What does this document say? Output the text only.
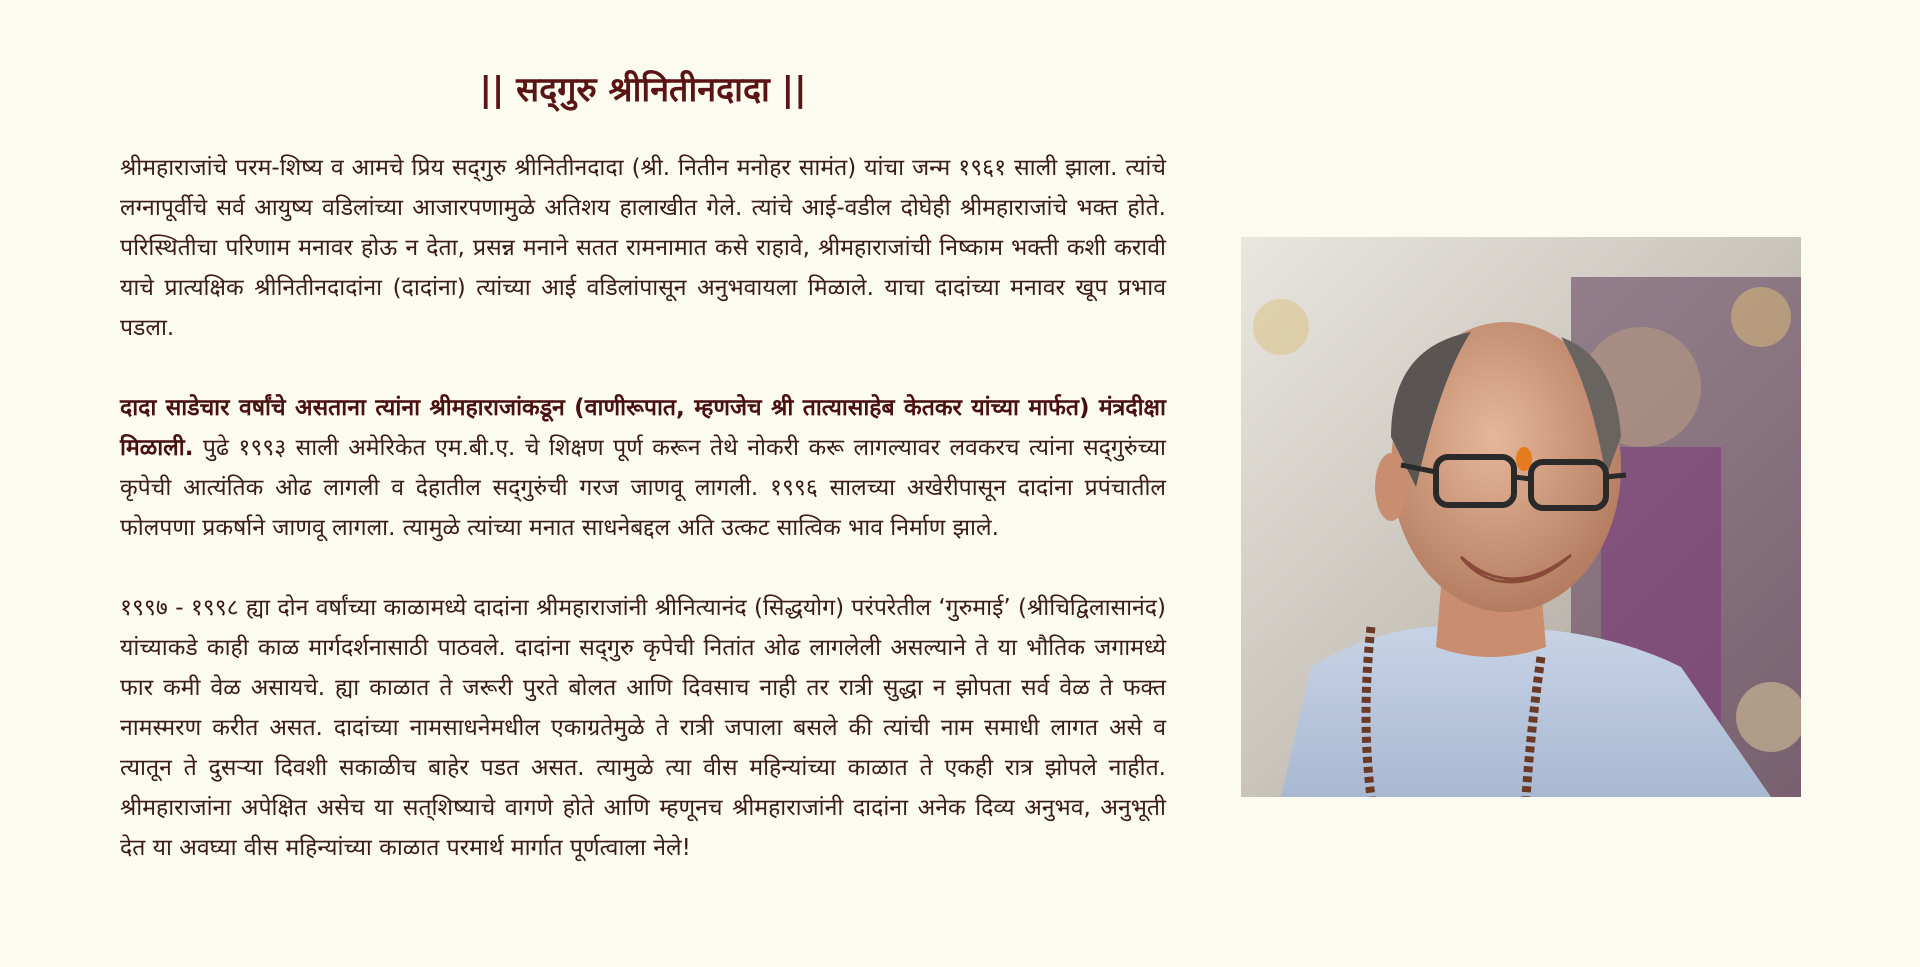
|| सद्‌गुरु श्रीनितीनदादा ||

श्रीमहाराजांचे परम-शिष्य व आमचे प्रिय सद्‌गुरु श्रीनितीनदादा (श्री. नितीन मनोहर सामंत) यांचा जन्म १९६१ साली झाला. त्यांचे लग्नापूर्वीचे सर्व आयुष्य वडिलांच्या आजारपणामुळे अतिशय हालाखीत गेले. त्यांचे आई-वडील दोघेही श्रीमहाराजांचे भक्त होते. परिस्थितीचा परिणाम मनावर होऊ न देता, प्रसन्न मनाने सतत रामनामात कसे राहावे, श्रीमहाराजांची निष्काम भक्ती कशी करावी याचे प्रात्यक्षिक श्रीनितीनदादांना (दादांना) त्यांच्या आई वडिलांपासून अनुभवायला मिळाले. याचा दादांच्या मनावर खूप प्रभाव पडला.

दादा साडेचार वर्षांचे असताना त्यांना श्रीमहाराजांकडून (वाणीरूपात, म्हणजेच श्री तात्यासाहेब केतकर यांच्या मार्फत) मंत्रदीक्षा मिळाली. पुढे १९९३ साली अमेरिकेत एम.बी.ए. चे शिक्षण पूर्ण करून तेथे नोकरी करू लागल्यावर लवकरच त्यांना सद्‌गुरुंच्या कृपेची आत्यंतिक ओढ लागली व देहातील सद्‌गुरुंची गरज जाणवू लागली. १९९६ सालच्या अखेरीपासून दादांना प्रपंचातील फोलपणा प्रकर्षाने जाणवू लागला. त्यामुळे त्यांच्या मनात साधनेबद्दल अति उत्कट सात्विक भाव निर्माण झाले.

१९९७ - १९९८ ह्या दोन वर्षांच्या काळामध्ये दादांना श्रीमहाराजांनी श्रीनित्यानंद (सिद्धयोग) परंपरेतील ‘गुरुमाई’ (श्रीचिद्विलासानंद) यांच्याकडे काही काळ मार्गदर्शनासाठी पाठवले. दादांना सद्‌गुरु कृपेची नितांत ओढ लागलेली असल्याने ते या भौतिक जगामध्ये फार कमी वेळ असायचे. ह्या काळात ते जरूरी पुरते बोलत आणि दिवसाच नाही तर रात्री सुद्धा न झोपता सर्व वेळ ते फक्त नामस्मरण करीत असत. दादांच्या नामसाधनेमधील एकाग्रतेमुळे ते रात्री जपाला बसले की त्यांची नाम समाधी लागत असे व त्यातून ते दुसऱ्या दिवशी सकाळीच बाहेर पडत असत. त्यामुळे त्या वीस महिन्यांच्या काळात ते एकही रात्र झोपले नाहीत. श्रीमहाराजांना अपेक्षित असेच या सत्‌शिष्याचे वागणे होते आणि म्हणूनच श्रीमहाराजांनी दादांना अनेक दिव्य अनुभव, अनुभूती देत या अवघ्या वीस महिन्यांच्या काळात परमार्थ मार्गात पूर्णत्वाला नेले!
